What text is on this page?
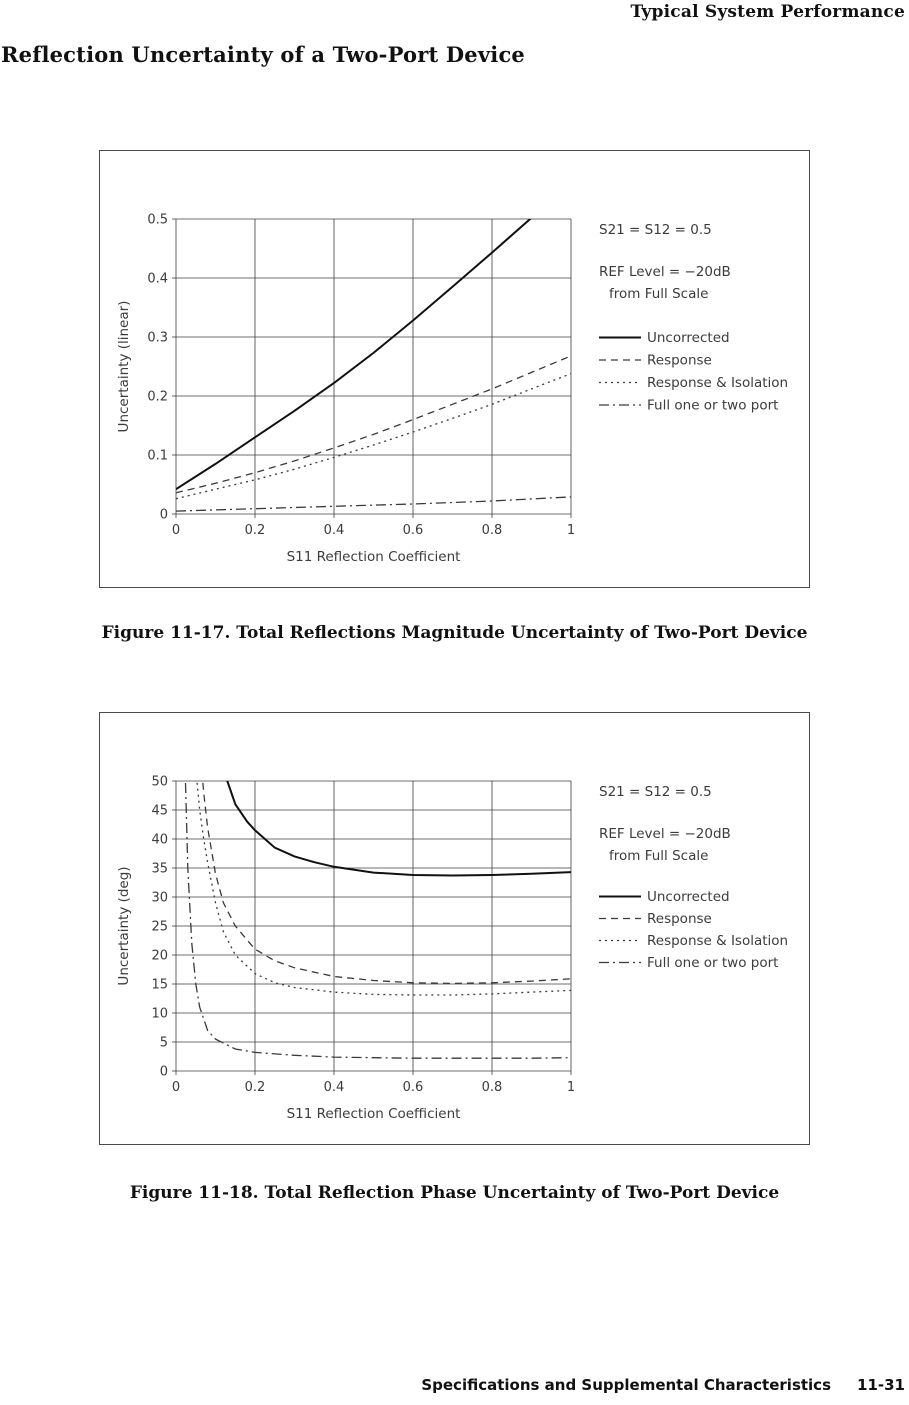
Typical System Performance
Reflection Uncertainty of a Two-Port Device
0	0.2	0.4	0.6	0.8	1
0
0.1
0.2
0.3
0.4
0.5
S11 Reflection Coefficient
Uncertainty (linear)
S21 = S12 = 0.5
REF Level = −20dB
from Full Scale
Uncorrected
Response
Response & Isolation
Full one or two port
Figure 11-17. Total Reflections Magnitude Uncertainty of Two-Port Device
0	0.2	0.4	0.6	0.8	1
0
5
10
15
20
25
30
35
40
45
50
S11 Reflection Coefficient
Uncertainty (deg)
S21 = S12 = 0.5
REF Level = −20dB
from Full Scale
Uncorrected
Response
Response & Isolation
Full one or two port
Figure 11-18. Total Reflection Phase Uncertainty of Two-Port Device
Specifications and Supplemental Characteristics 11-31
